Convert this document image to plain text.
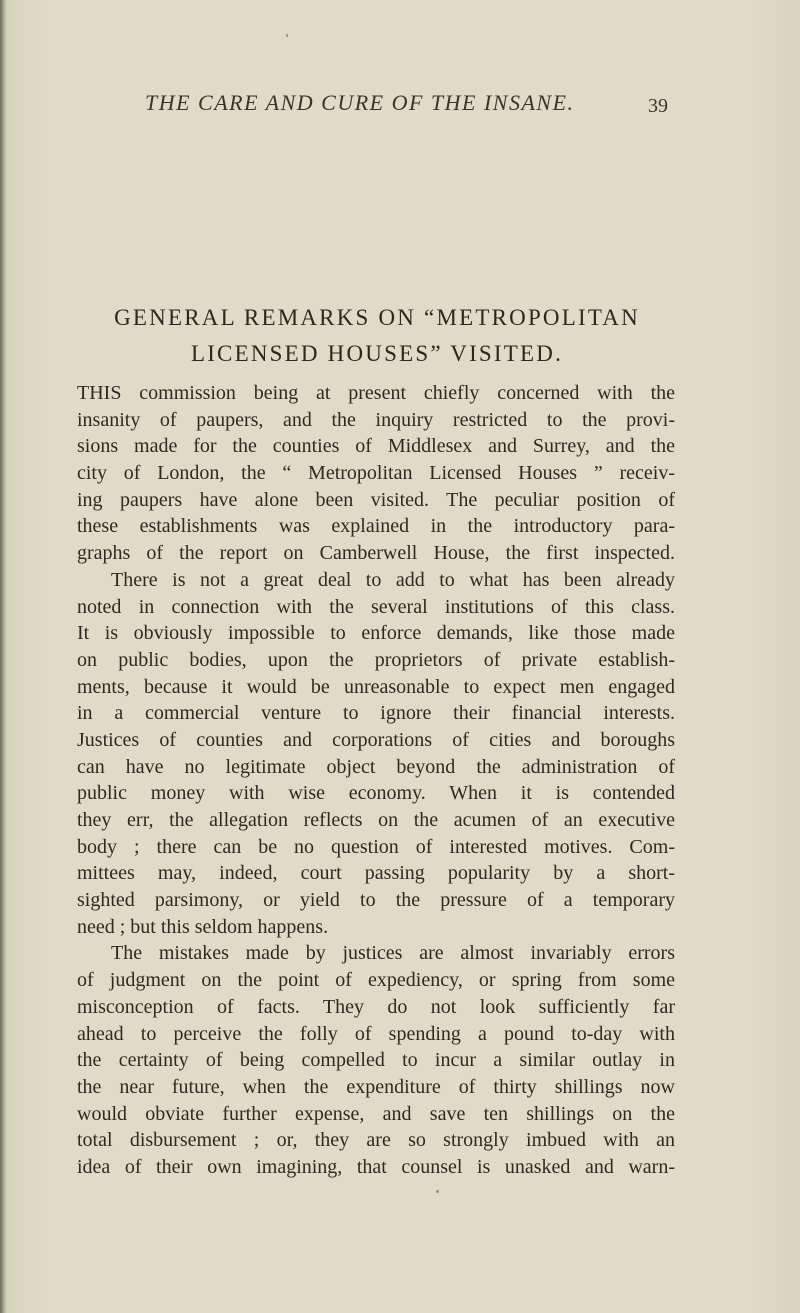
THE CARE AND CURE OF THE INSANE.	39
GENERAL REMARKS ON “METROPOLITAN
LICENSED HOUSES” VISITED.
THIS commission being at present chiefly concerned with the
insanity of paupers, and the inquiry restricted to the provi-
sions made for the counties of Middlesex and Surrey, and the
city of London, the “ Metropolitan Licensed Houses ” receiv-
ing paupers have alone been visited. The peculiar position of
these establishments was explained in the introductory para-
graphs of the report on Camberwell House, the first inspected.
There is not a great deal to add to what has been already
noted in connection with the several institutions of this class.
It is obviously impossible to enforce demands, like those made
on public bodies, upon the proprietors of private establish-
ments, because it would be unreasonable to expect men engaged
in a commercial venture to ignore their financial interests.
Justices of counties and corporations of cities and boroughs
can have no legitimate object beyond the administration of
public money with wise economy. When it is contended
they err, the allegation reflects on the acumen of an executive
body ; there can be no question of interested motives. Com-
mittees may, indeed, court passing popularity by a short-
sighted parsimony, or yield to the pressure of a temporary
need ; but this seldom happens.
The mistakes made by justices are almost invariably errors
of judgment on the point of expediency, or spring from some
misconception of facts. They do not look sufficiently far
ahead to perceive the folly of spending a pound to-day with
the certainty of being compelled to incur a similar outlay in
the near future, when the expenditure of thirty shillings now
would obviate further expense, and save ten shillings on the
total disbursement ; or, they are so strongly imbued with an
idea of their own imagining, that counsel is unasked and warn-
